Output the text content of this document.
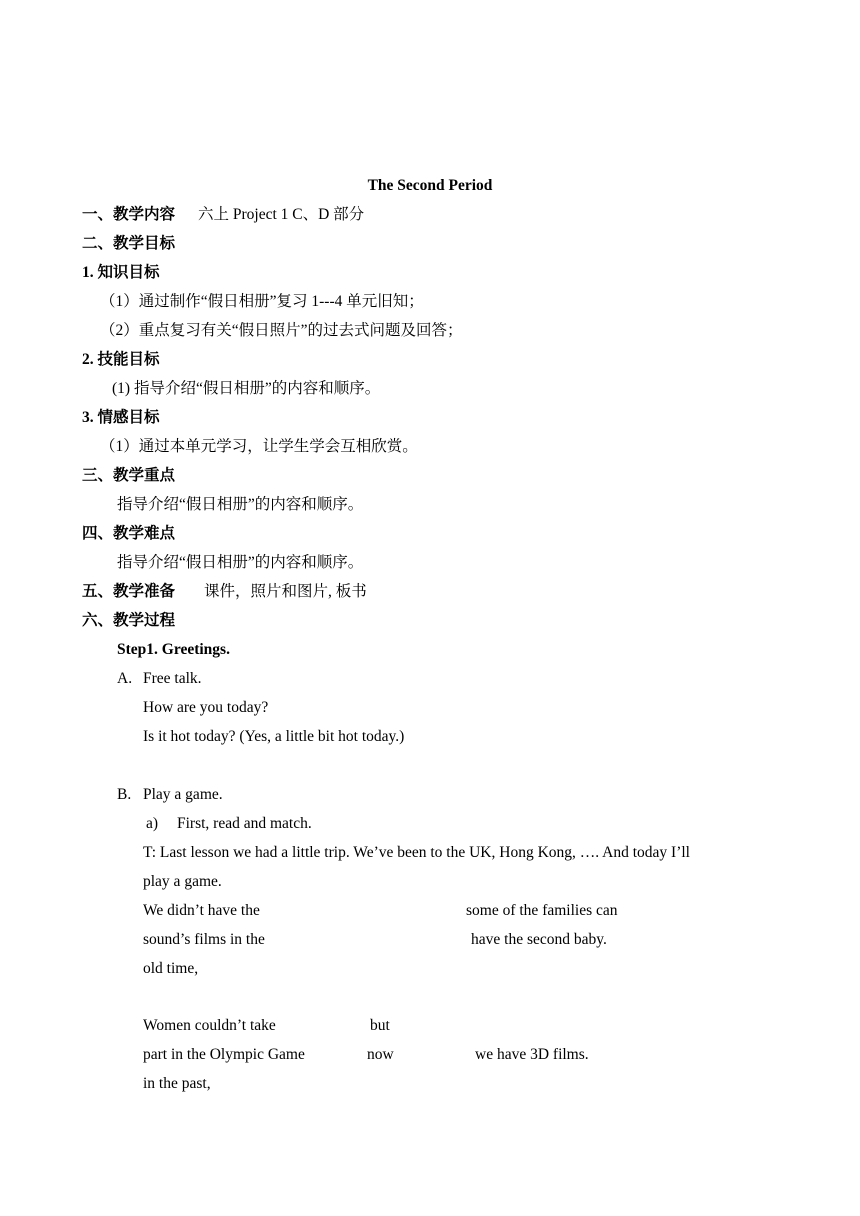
The Second Period
一、教学内容 六上 Project 1 C、D 部分
二、教学目标
1. 知识目标
（1）通过制作“假日相册”复习 1---4 单元旧知；
（2）重点复习有关“假日照片”的过去式问题及回答；
2. 技能目标
(1) 指导介绍“假日相册”的内容和顺序。
3. 情感目标
（1）通过本单元学习，让学生学会互相欣赏。
三、教学重点
指导介绍“假日相册”的内容和顺序。
四、教学难点
指导介绍“假日相册”的内容和顺序。
五、教学准备 课件，照片和图片, 板书
六、教学过程
Step1. Greetings.
A. Free talk.
How are you today?
Is it hot today? (Yes, a little bit hot today.)
B. Play a game.
a) First, read and match.
T: Last lesson we had a little trip. We’ve been to the UK, Hong Kong, …. And today I’ll
play a game.
We didn’t have the
sound’s films in the
old time,
some of the families can
have the second baby.
Women couldn’t take
part in the Olympic Game
in the past,
but
now	we have 3D films.
